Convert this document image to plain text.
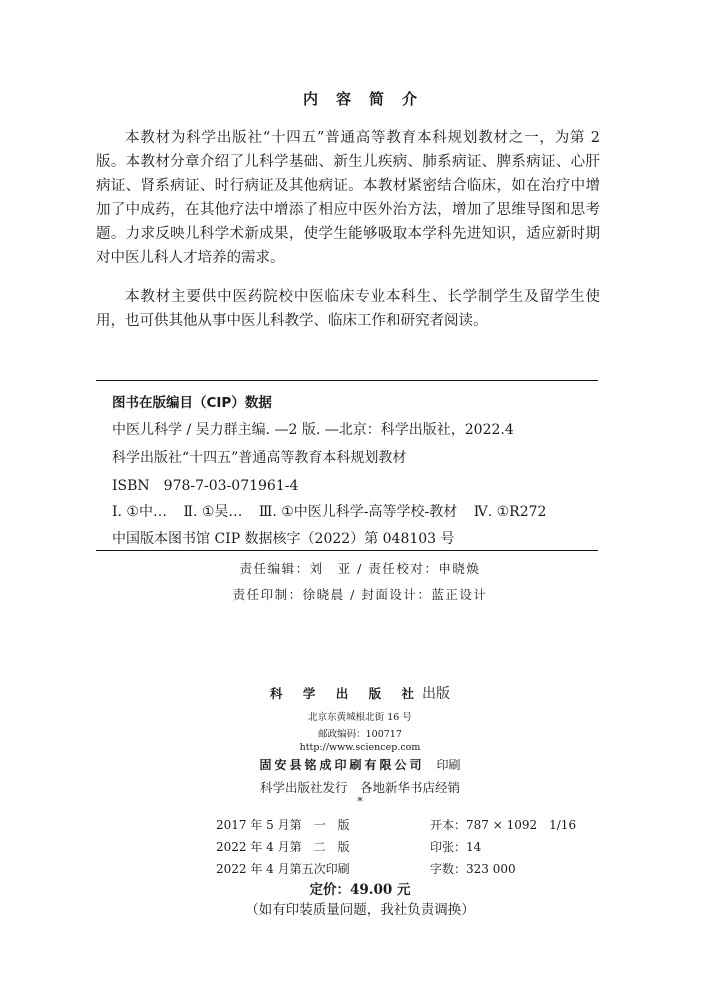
内容简介

本教材为科学出版社“十四五”普通高等教育本科规划教材之一，为第 2 版。本教材分章介绍了儿科学基础、新生儿疾病、肺系病证、脾系病证、心肝病证、肾系病证、时行病证及其他病证。本教材紧密结合临床，如在治疗中增加了中成药，在其他疗法中增添了相应中医外治方法，增加了思维导图和思考题。力求反映儿科学术新成果，使学生能够吸取本学科先进知识，适应新时期对中医儿科人才培养的需求。

本教材主要供中医药院校中医临床专业本科生、长学制学生及留学生使用，也可供其他从事中医儿科教学、临床工作和研究者阅读。

图书在版编目（CIP）数据
中医儿科学 / 吴力群主编. —2 版. —北京：科学出版社，2022.4
科学出版社“十四五”普通高等教育本科规划教材
ISBN　978-7-03-071961-4
Ⅰ. ①中… Ⅱ. ①吴… Ⅲ. ①中医儿科学-高等学校-教材 Ⅳ. ①R272
中国版本图书馆 CIP 数据核字（2022）第 048103 号
责任编辑：刘　亚 / 责任校对：申晓焕
责任印制：徐晓晨 / 封面设计：蓝正设计
科 学 出 版 社出版
北京东黄城根北街 16 号
邮政编码：100717
http://www.sciencep.com
固安县铭成印刷有限公司　 印刷
科学出版社发行　各地新华书店经销
*
2017 年 5 月第　一　版	开本：787 × 1092　1/16
2022 年 4 月第　二　版	印张：14
2022 年 4 月第五次印刷	字数：323 000
定价：49.00 元
（如有印装质量问题，我社负责调换）
